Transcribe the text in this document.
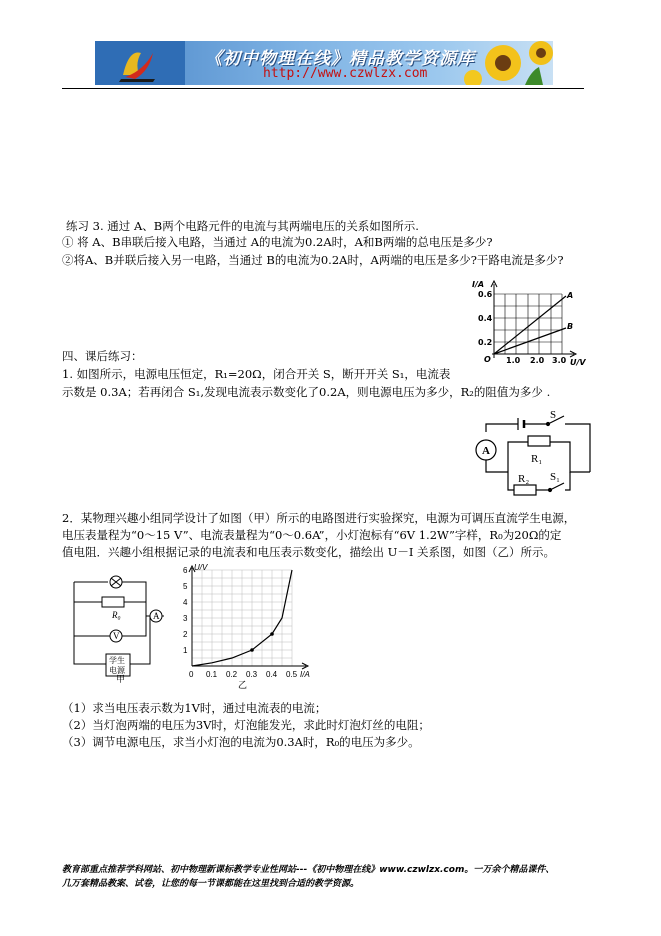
《初中物理在线》精品教学资源库
http://www.czwlzx.com
练习 3. 通过 A、B两个电路元件的电流与其两端电压的关系如图所示.
① 将 A、B串联后接入电路，当通过 A的电流为0.2A时，A和B两端的总电压是多少?
②将A、B并联后接入另一电路，当通过 B的电流为0.2A时，A两端的电压是多少?干路电流是多少?
I/A
0.6
0.4
0.2
O 1.0 2.0 3.0 U/V
A
B
四、课后练习：
1. 如图所示，电源电压恒定，R₁=20Ω，闭合开关 S，断开开关 S₁，电流表
示数是 0.3A；若再闭合 S₁,发现电流表示数变化了0.2A，则电源电压为多少，R₂的阻值为多少 .
A
S
R₁
R₂ S₁
2．某物理兴趣小组同学设计了如图（甲）所示的电路图进行实验探究，电源为可调压直流学生电源，
电压表量程为“0～15 V”、电流表量程为“0～0.6A”，小灯泡标有“6V 1.2W”字样，R₀为20Ω的定
值电阻．兴趣小组根据记录的电流表和电压表示数变化，描绘出 U－I 关系图，如图（乙）所示。
R₀	A
V
学生
电源
甲
1
2
3
4
5
6
0 0.1 0.2 0.3 0.4 0.5
U/V
I/A
乙
（1）求当电压表示数为1V时，通过电流表的电流；
（2）当灯泡两端的电压为3V时，灯泡能发光，求此时灯泡灯丝的电阻；
（3）调节电源电压，求当小灯泡的电流为0.3A时，R₀的电压为多少。
教育部重点推荐学科网站、初中物理新课标教学专业性网站---《初中物理在线》www.czwlzx.com。一万余个精品课件、
几万套精品教案、试卷，让您的每一节课都能在这里找到合适的教学资源。
